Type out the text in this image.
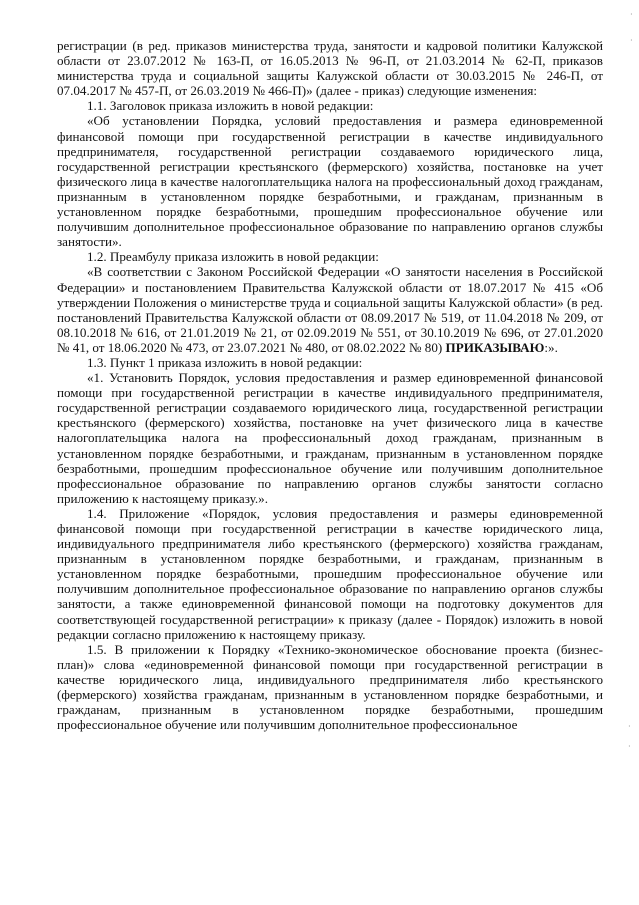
регистрации (в ред. приказов министерства труда, занятости и кадровой политики Калужской области от 23.07.2012 № 163-П, от 16.05.2013 № 96-П, от 21.03.2014 № 62-П, приказов министерства труда и социальной защиты Калужской области от 30.03.2015 № 246-П, от 07.04.2017 № 457-П, от 26.03.2019 № 466-П)» (далее - приказ) следующие изменения:

1.1. Заголовок приказа изложить в новой редакции:

«Об установлении Порядка, условий предоставления и размера единовременной финансовой помощи при государственной регистрации в качестве индивидуального предпринимателя, государственной регистрации создаваемого юридического лица, государственной регистрации крестьянского (фермерского) хозяйства, постановке на учет физического лица в качестве налогоплательщика налога на профессиональный доход гражданам, признанным в установленном порядке безработными, и гражданам, признанным в установленном порядке безработными, прошедшим профессиональное обучение или получившим дополнительное профессиональное образование по направлению органов службы занятости».

1.2. Преамбулу приказа изложить в новой редакции:

«В соответствии с Законом Российской Федерации «О занятости населения в Российской Федерации» и постановлением Правительства Калужской области от 18.07.2017 № 415 «Об утверждении Положения о министерстве труда и социальной защиты Калужской области» (в ред. постановлений Правительства Калужской области от 08.09.2017 № 519, от 11.04.2018 № 209, от 08.10.2018 № 616, от 21.01.2019 № 21, от 02.09.2019 № 551, от 30.10.2019 № 696, от 27.01.2020 № 41, от 18.06.2020 № 473, от 23.07.2021 № 480, от 08.02.2022 № 80) ПРИКАЗЫВАЮ:».

1.3. Пункт 1 приказа изложить в новой редакции:

«1. Установить Порядок, условия предоставления и размер единовременной финансовой помощи при государственной регистрации в качестве индивидуального предпринимателя, государственной регистрации создаваемого юридического лица, государственной регистрации крестьянского (фермерского) хозяйства, постановке на учет физического лица в качестве налогоплательщика налога на профессиональный доход гражданам, признанным в установленном порядке безработными, и гражданам, признанным в установленном порядке безработными, прошедшим профессиональное обучение или получившим дополнительное профессиональное образование по направлению органов службы занятости согласно приложению к настоящему приказу.».

1.4. Приложение «Порядок, условия предоставления и размеры единовременной финансовой помощи при государственной регистрации в качестве юридического лица, индивидуального предпринимателя либо крестьянского (фермерского) хозяйства гражданам, признанным в установленном порядке безработными, и гражданам, признанным в установленном порядке безработными, прошедшим профессиональное обучение или получившим дополнительное профессиональное образование по направлению органов службы занятости, а также единовременной финансовой помощи на подготовку документов для соответствующей государственной регистрации» к приказу (далее - Порядок) изложить в новой редакции согласно приложению к настоящему приказу.

1.5. В приложении к Порядку «Технико-экономическое обоснование проекта (бизнес-план)» слова «единовременной финансовой помощи при государственной регистрации в качестве юридического лица, индивидуального предпринимателя либо крестьянского (фермерского) хозяйства гражданам, признанным в установленном порядке безработными, и гражданам, признанным в установленном порядке безработными, прошедшим профессиональное обучение или получившим дополнительное профессиональное

·
·
·
·
